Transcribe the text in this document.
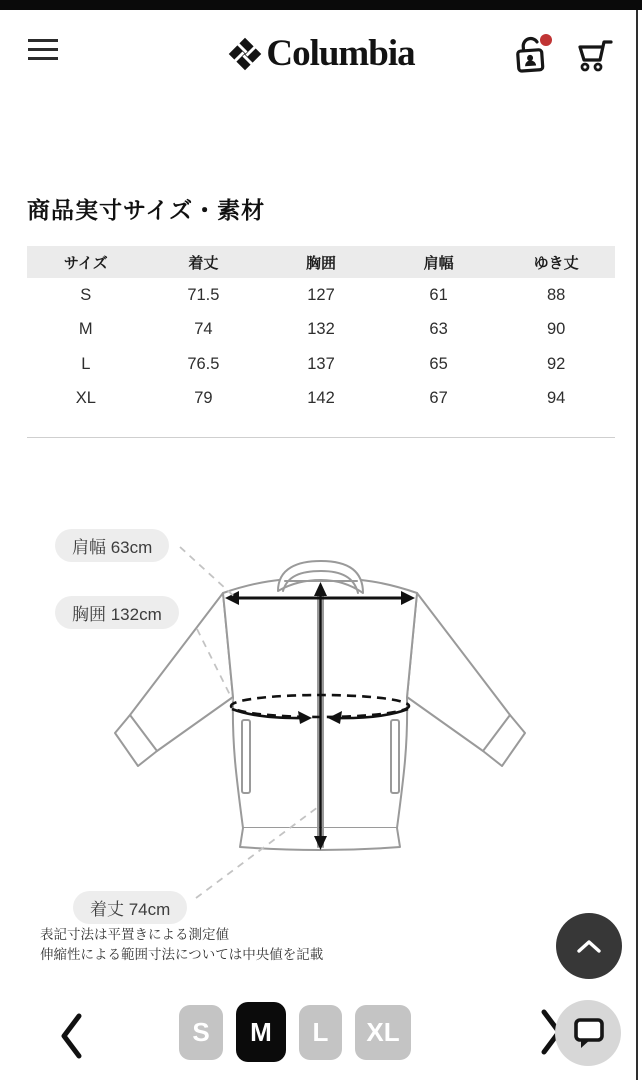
Columbia
商品実寸サイズ・素材
サイズ	着丈	胸囲	肩幅	ゆき丈
S	71.5	127	61	88
M	74	132	63	90
L	76.5	137	65	92
XL	79	142	67	94
肩幅 63cm
胸囲 132cm
着丈 74cm
表記寸法は平置きによる測定値
伸縮性による範囲寸法については中央値を記載
S	M	L	XL
